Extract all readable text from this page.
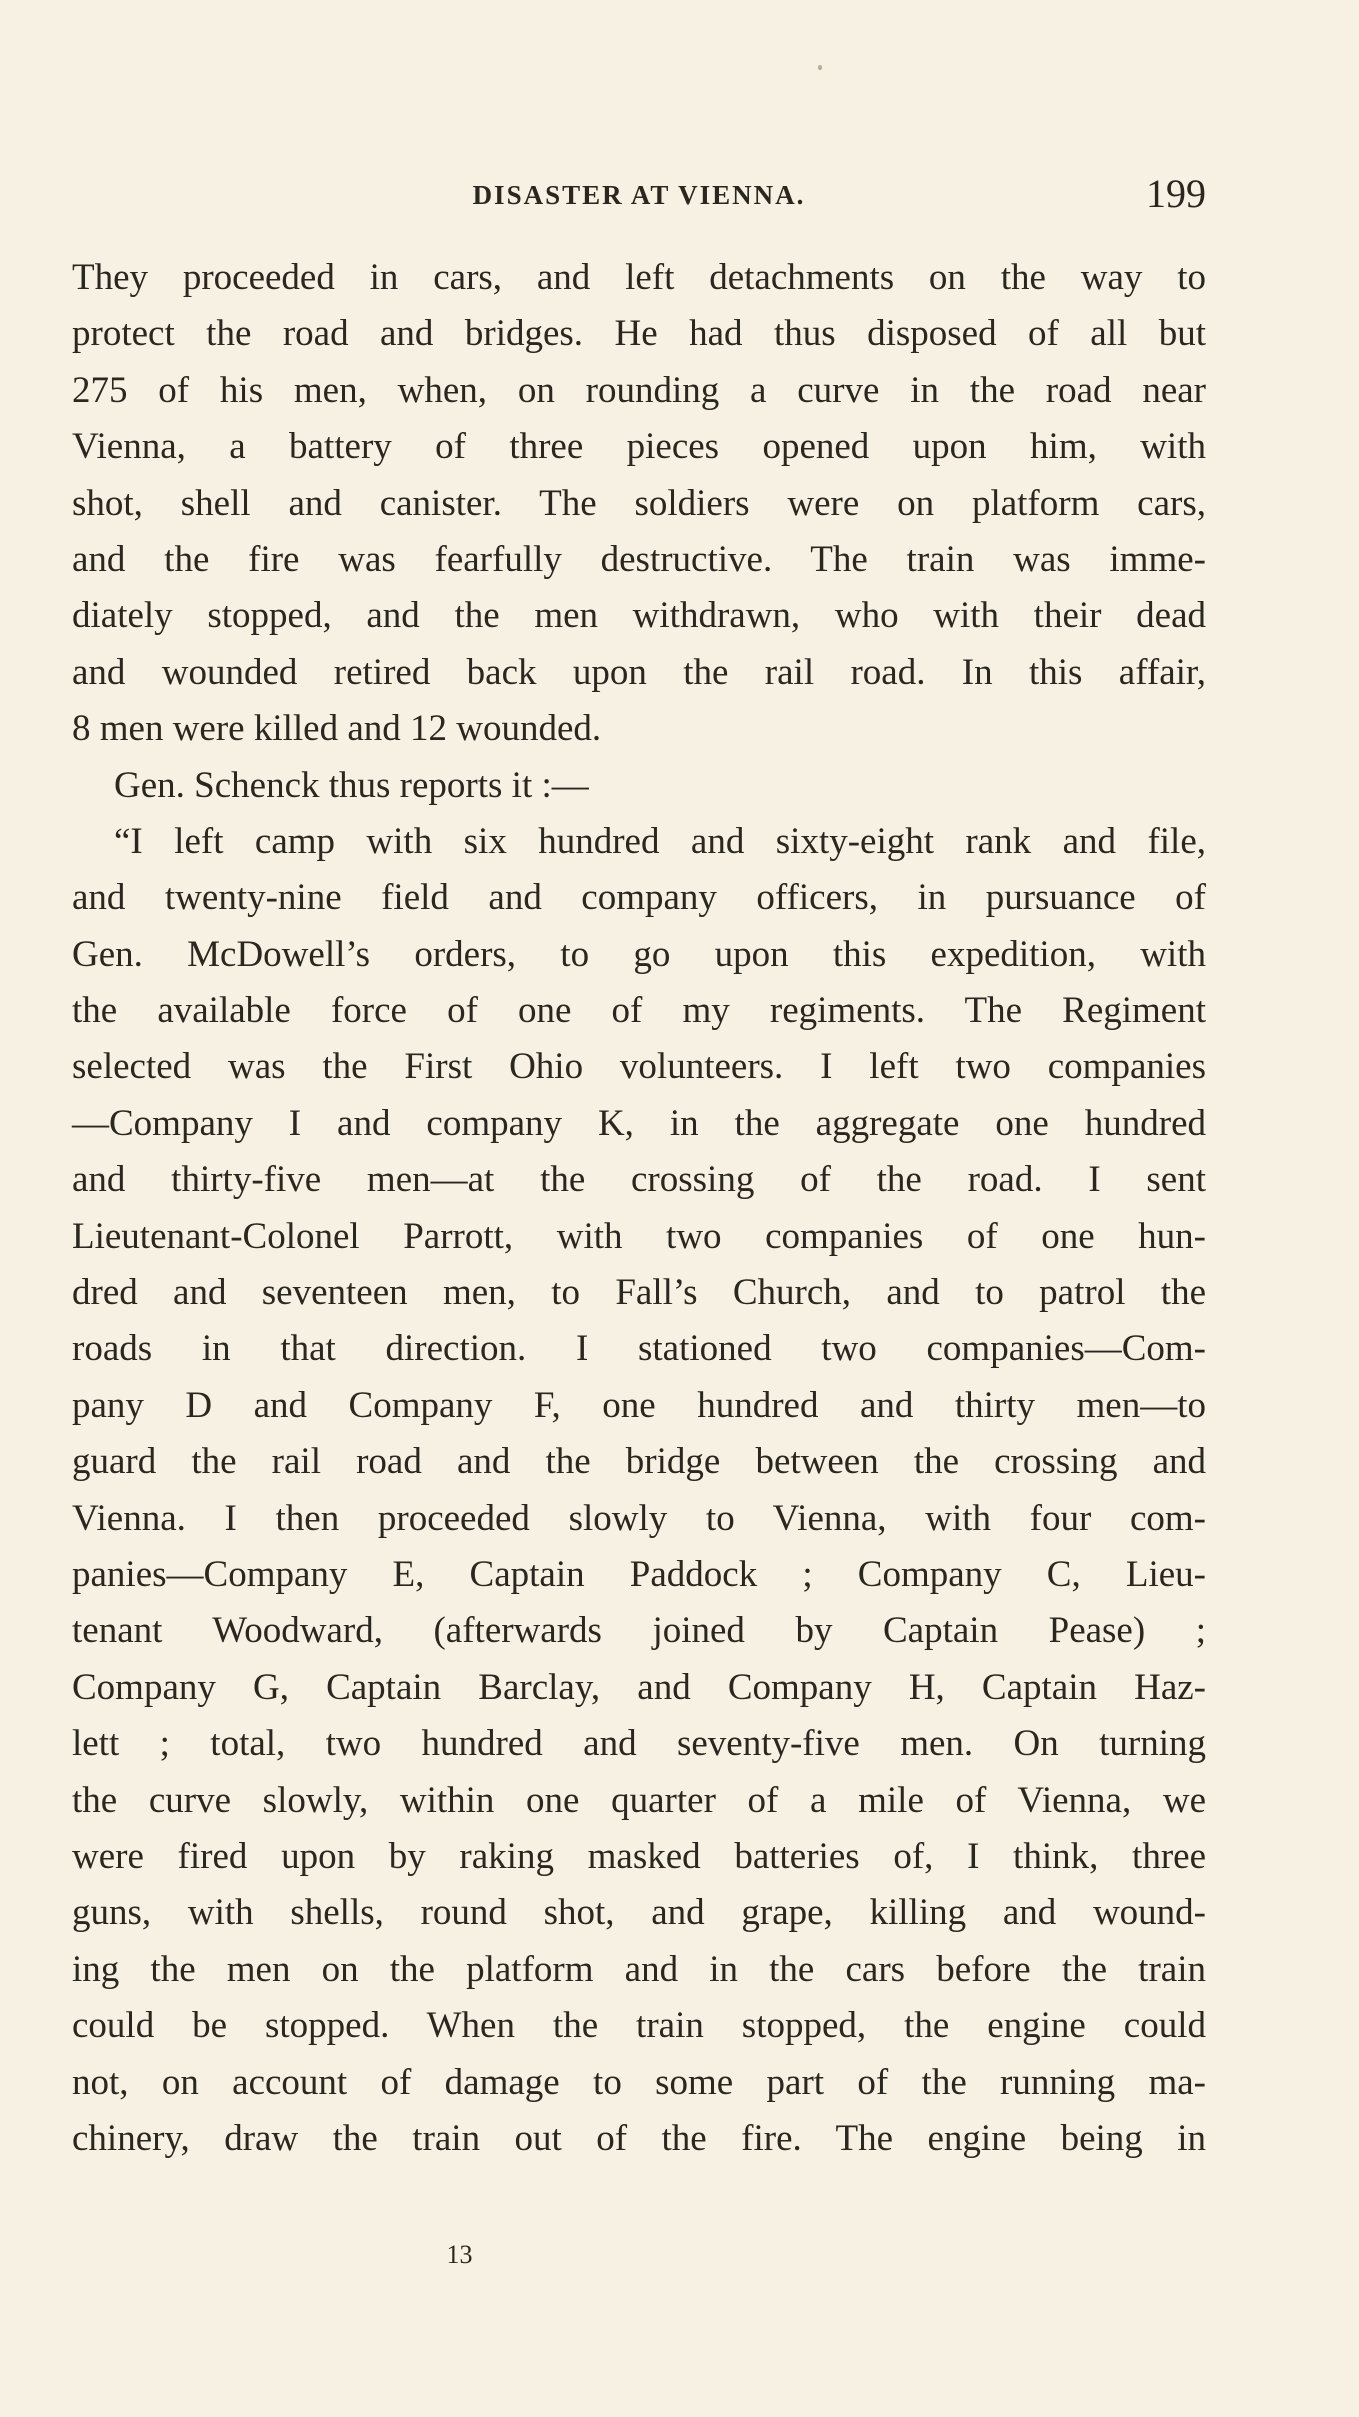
DISASTER AT VIENNA.	199
They proceeded in cars, and left detachments on the way to
protect the road and bridges. He had thus disposed of all but
275 of his men, when, on rounding a curve in the road near
Vienna, a battery of three pieces opened upon him, with
shot, shell and canister. The soldiers were on platform cars,
and the fire was fearfully destructive. The train was imme-
diately stopped, and the men withdrawn, who with their dead
and wounded retired back upon the rail road. In this affair,
8 men were killed and 12 wounded.
Gen. Schenck thus reports it :—
“I left camp with six hundred and sixty-eight rank and file,
and twenty-nine field and company officers, in pursuance of
Gen. McDowell’s orders, to go upon this expedition, with
the available force of one of my regiments. The Regiment
selected was the First Ohio volunteers. I left two companies
—Company I and company K, in the aggregate one hundred
and thirty-five men—at the crossing of the road. I sent
Lieutenant-Colonel Parrott, with two companies of one hun-
dred and seventeen men, to Fall’s Church, and to patrol the
roads in that direction. I stationed two companies—Com-
pany D and Company F, one hundred and thirty men—to
guard the rail road and the bridge between the crossing and
Vienna. I then proceeded slowly to Vienna, with four com-
panies—Company E, Captain Paddock ; Company C, Lieu-
tenant Woodward, (afterwards joined by Captain Pease) ;
Company G, Captain Barclay, and Company H, Captain Haz-
lett ; total, two hundred and seventy-five men. On turning
the curve slowly, within one quarter of a mile of Vienna, we
were fired upon by raking masked batteries of, I think, three
guns, with shells, round shot, and grape, killing and wound-
ing the men on the platform and in the cars before the train
could be stopped. When the train stopped, the engine could
not, on account of damage to some part of the running ma-
chinery, draw the train out of the fire. The engine being in
13
